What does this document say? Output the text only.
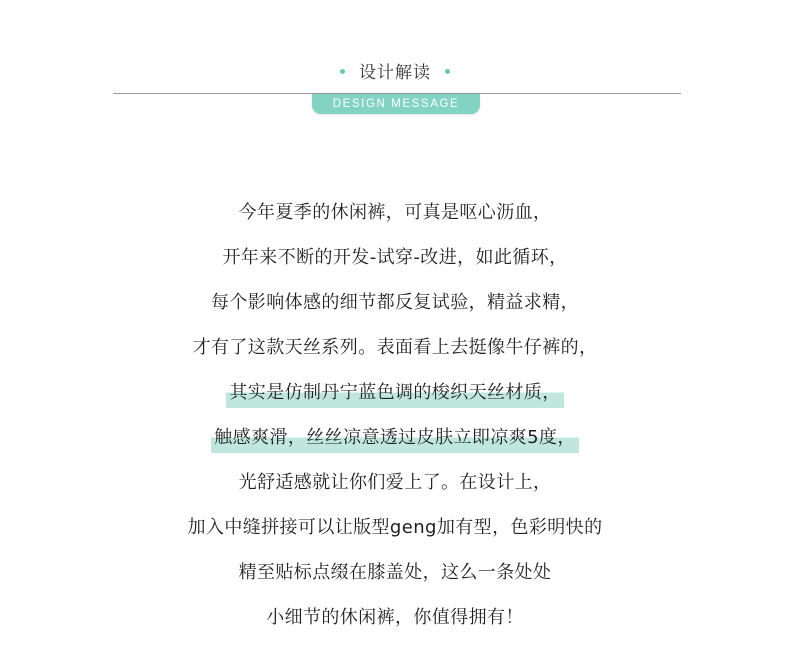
设计解读
DESIGN MESSAGE
今年夏季的休闲裤，可真是呕心沥血，
开年来不断的开发-试穿-改进，如此循环，
每个影响体感的细节都反复试验，精益求精，
才有了这款天丝系列。表面看上去挺像牛仔裤的，
其实是仿制丹宁蓝色调的梭织天丝材质，
触感爽滑，丝丝凉意透过皮肤立即凉爽5度，
光舒适感就让你们爱上了。在设计上，
加入中缝拼接可以让版型geng加有型，色彩明快的
精至贴标点缀在膝盖处，这么一条处处
小细节的休闲裤，你值得拥有！
